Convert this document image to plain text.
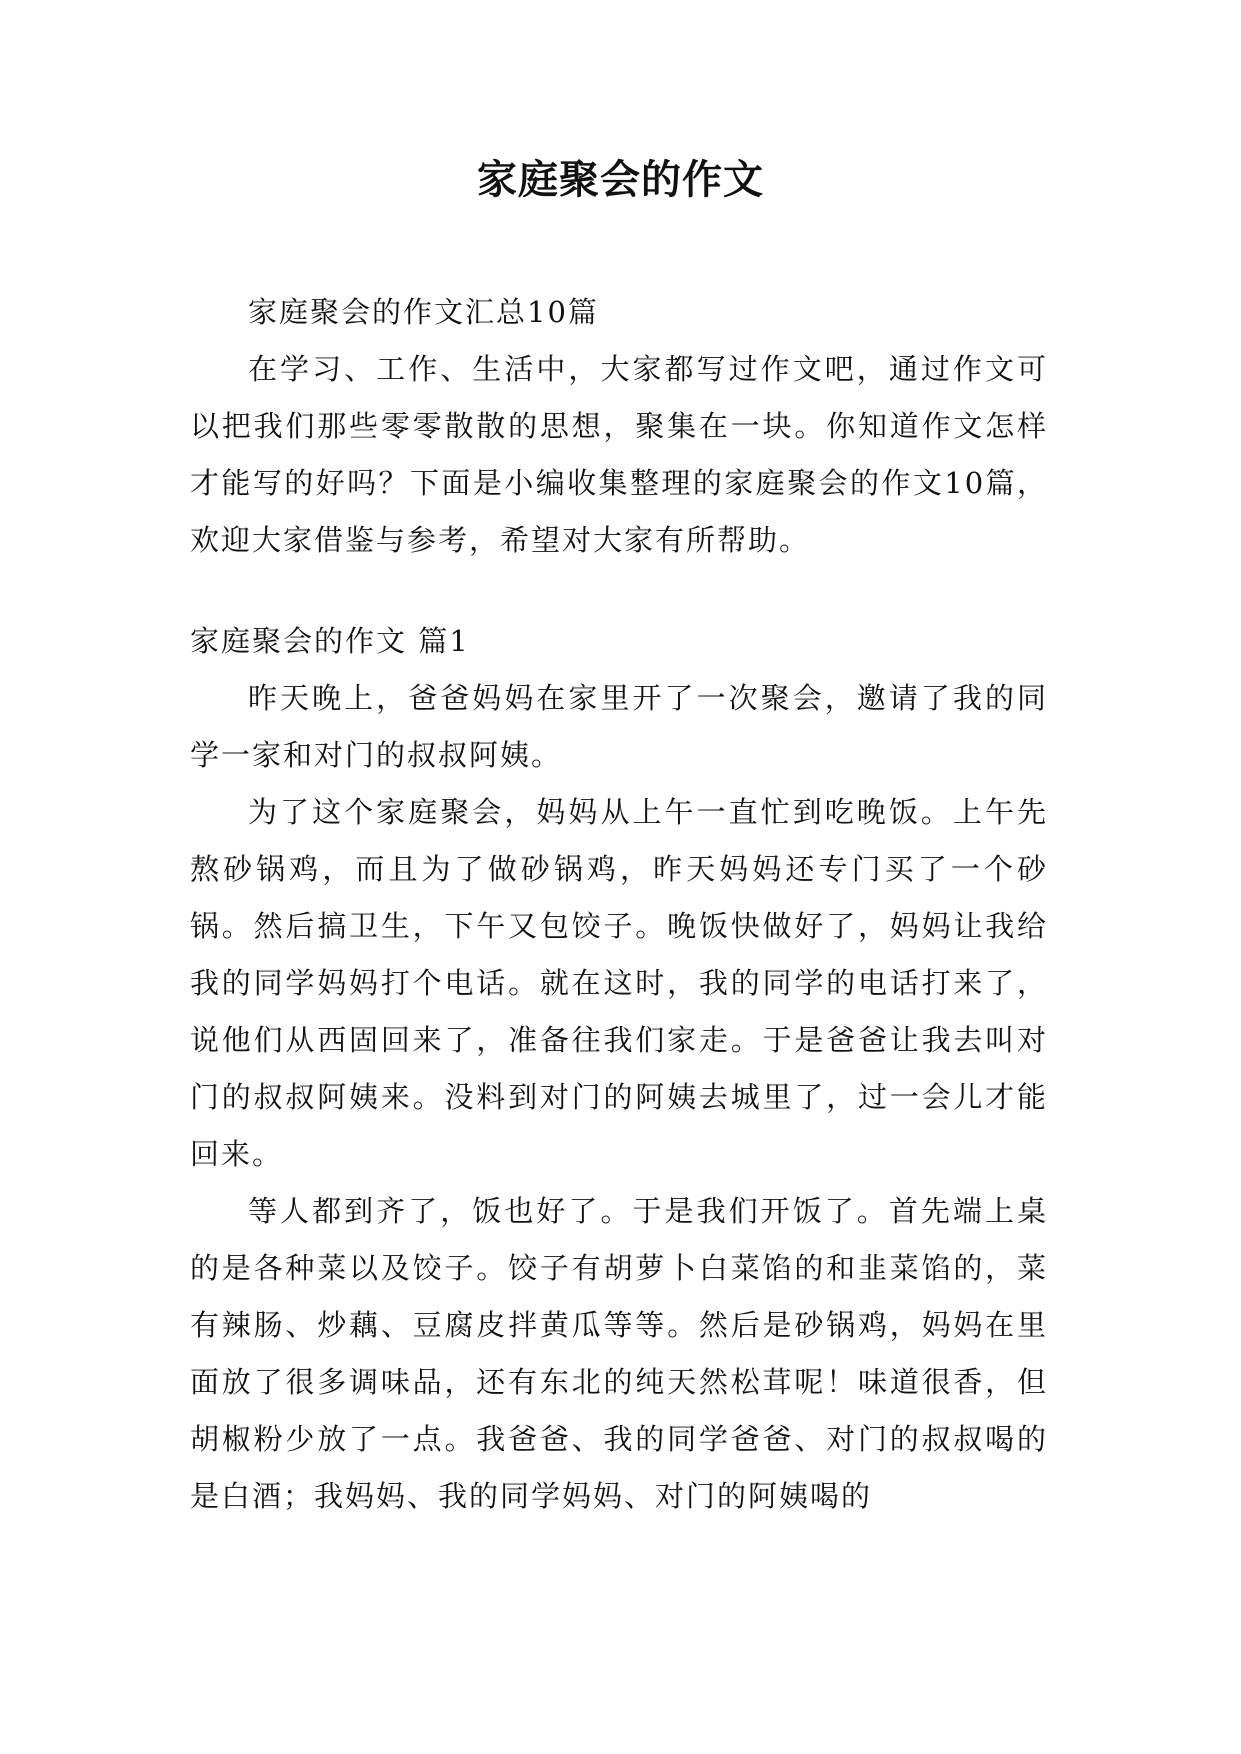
家庭聚会的作文

家庭聚会的作文汇总10篇

在学习、工作、生活中，大家都写过作文吧，通过作文可以把我们那些零零散散的思想，聚集在一块。你知道作文怎样才能写的好吗？下面是小编收集整理的家庭聚会的作文10篇，欢迎大家借鉴与参考，希望对大家有所帮助。

家庭聚会的作文 篇1

昨天晚上，爸爸妈妈在家里开了一次聚会，邀请了我的同学一家和对门的叔叔阿姨。

为了这个家庭聚会，妈妈从上午一直忙到吃晚饭。上午先熬砂锅鸡，而且为了做砂锅鸡，昨天妈妈还专门买了一个砂锅。然后搞卫生，下午又包饺子。晚饭快做好了，妈妈让我给我的同学妈妈打个电话。就在这时，我的同学的电话打来了，说他们从西固回来了，准备往我们家走。于是爸爸让我去叫对门的叔叔阿姨来。没料到对门的阿姨去城里了，过一会儿才能回来。

等人都到齐了，饭也好了。于是我们开饭了。首先端上桌的是各种菜以及饺子。饺子有胡萝卜白菜馅的和韭菜馅的，菜有辣肠、炒藕、豆腐皮拌黄瓜等等。然后是砂锅鸡，妈妈在里面放了很多调味品，还有东北的纯天然松茸呢！味道很香，但胡椒粉少放了一点。我爸爸、我的同学爸爸、对门的叔叔喝的是白酒；我妈妈、我的同学妈妈、对门的阿姨喝的
